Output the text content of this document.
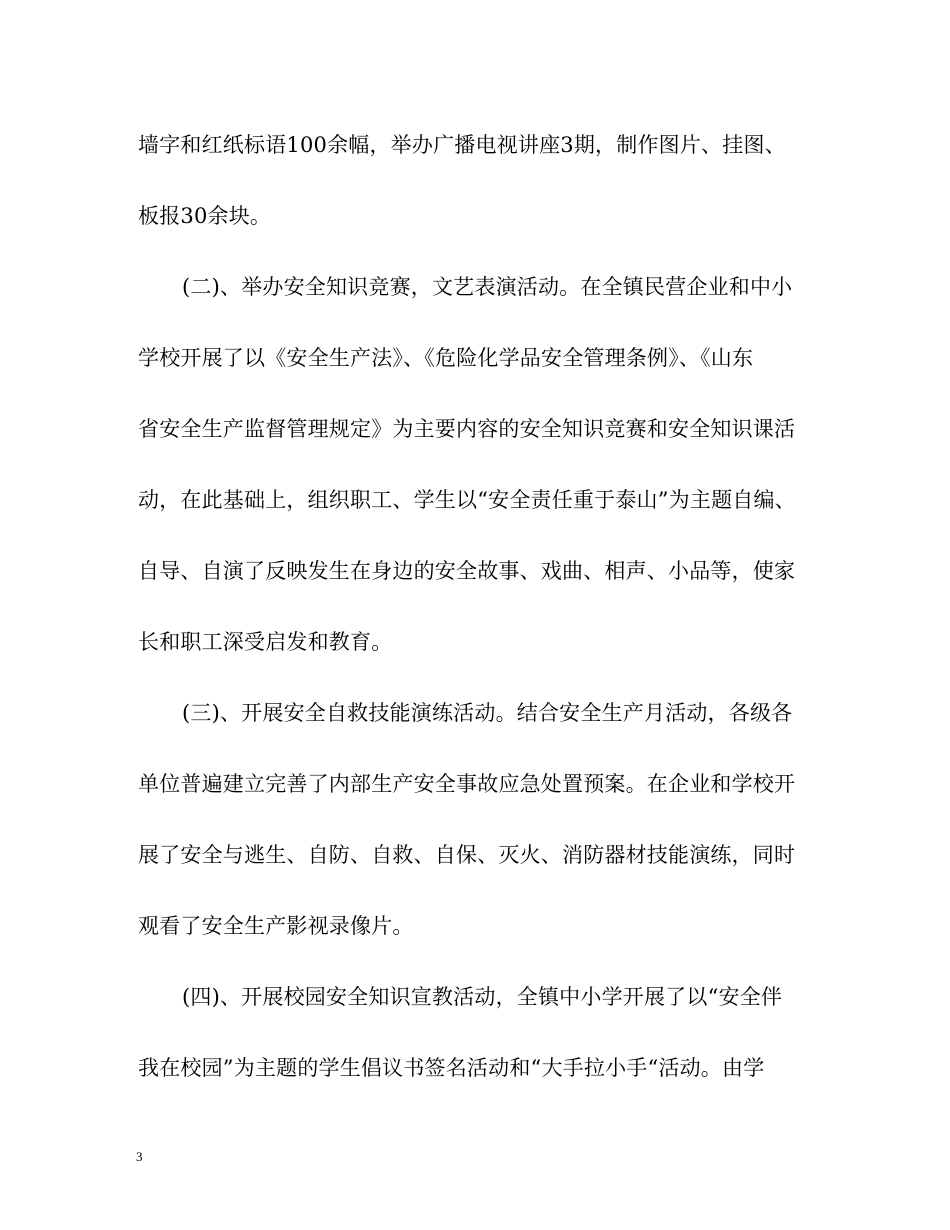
墙字和红纸标语100余幅，举办广播电视讲座3期，制作图片、挂图、
板报30余块。
(二)、举办安全知识竞赛，文艺表演活动。在全镇民营企业和中小
学校开展了以《安全生产法》、《危险化学品安全管理条例》、《山东
省安全生产监督管理规定》为主要内容的安全知识竞赛和安全知识课活
动，在此基础上，组织职工、学生以“安全责任重于泰山”为主题自编、
自导、自演了反映发生在身边的安全故事、戏曲、相声、小品等，使家
长和职工深受启发和教育。
(三)、开展安全自救技能演练活动。结合安全生产月活动，各级各
单位普遍建立完善了内部生产安全事故应急处置预案。在企业和学校开
展了安全与逃生、自防、自救、自保、灭火、消防器材技能演练，同时
观看了安全生产影视录像片。
(四)、开展校园安全知识宣教活动，全镇中小学开展了以“安全伴
我在校园”为主题的学生倡议书签名活动和“大手拉小手“活动。由学
3
